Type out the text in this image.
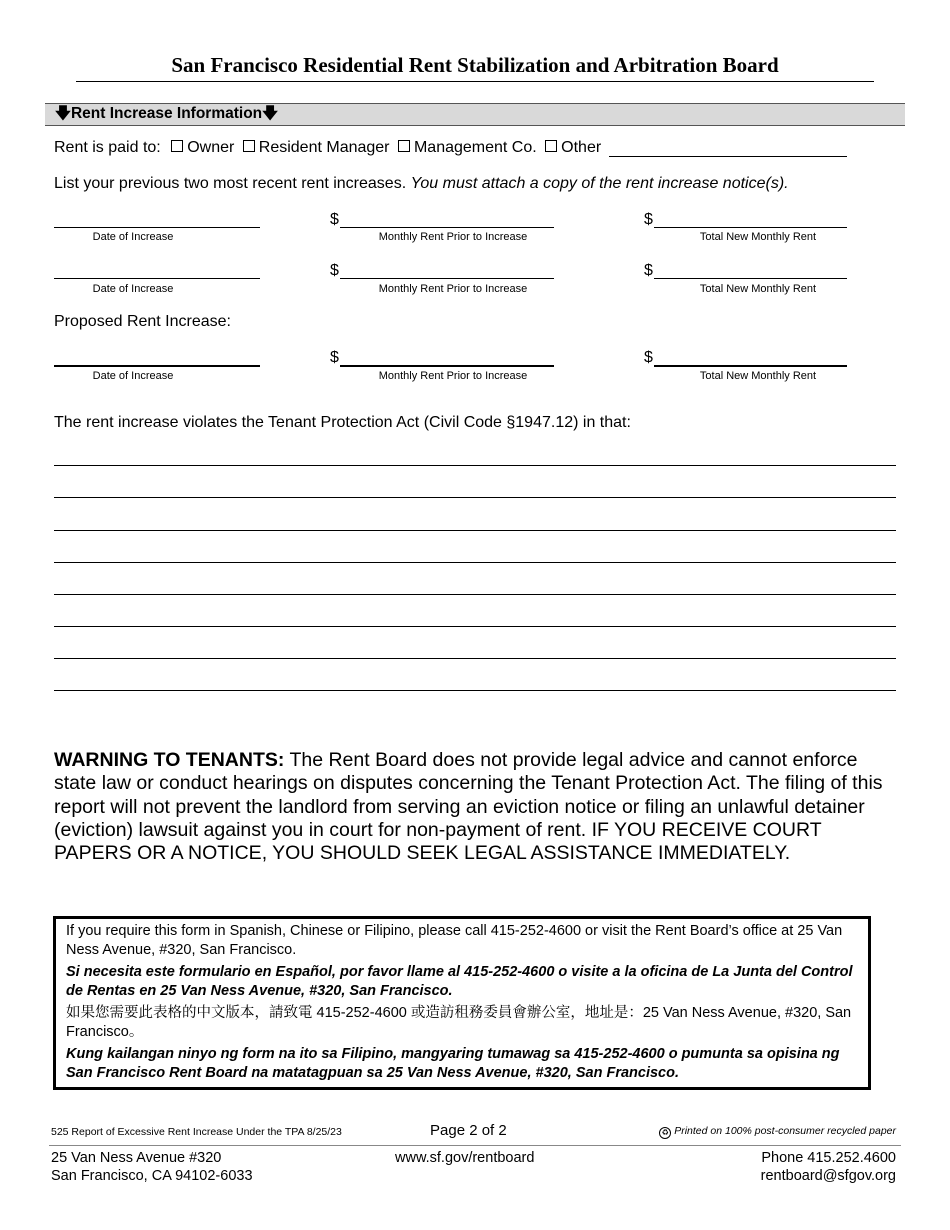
San Francisco Residential Rent Stabilization and Arbitration Board
🡇Rent Increase Information🡇
Rent is paid to: Owner Resident Manager Management Co. Other
List your previous two most recent rent increases. You must attach a copy of the rent increase notice(s).
Date of Increase
$
Monthly Rent Prior to Increase
$
Total New Monthly Rent
Date of Increase
$
Monthly Rent Prior to Increase
$
Total New Monthly Rent
Proposed Rent Increase:
Date of Increase
$
Monthly Rent Prior to Increase
$
Total New Monthly Rent
The rent increase violates the Tenant Protection Act (Civil Code §1947.12) in that:
WARNING TO TENANTS: The Rent Board does not provide legal advice and cannot enforce state law or conduct hearings on disputes concerning the Tenant Protection Act. The filing of this report will not prevent the landlord from serving an eviction notice or filing an unlawful detainer (eviction) lawsuit against you in court for non-payment of rent. IF YOU RECEIVE COURT PAPERS OR A NOTICE, YOU SHOULD SEEK LEGAL ASSISTANCE IMMEDIATELY.

If you require this form in Spanish, Chinese or Filipino, please call 415-252-4600 or visit the Rent Board’s office at 25 Van Ness Avenue, #320, San Francisco.

Si necesita este formulario en Español, por favor llame al 415-252-4600 o visite a la oficina de La Junta del Control de Rentas en 25 Van Ness Avenue, #320, San Francisco.

如果您需要此表格的中文版本，請致電 415-252-4600 或造訪租務委員會辦公室，地址是：25 Van Ness Avenue, #320, San Francisco。

Kung kailangan ninyo ng form na ito sa Filipino, mangyaring tumawag sa 415-252-4600 o pumunta sa opisina ng San Francisco Rent Board na matatagpuan sa 25 Van Ness Avenue, #320, San Francisco.

525 Report of Excessive Rent Increase Under the TPA 8/25/23	Page 2 of 2	♻ Printed on 100% post-consumer recycled paper
25 Van Ness Avenue #320
San Francisco, CA 94102-6033
www.sf.gov/rentboard	Phone 415.252.4600
rentboard@sfgov.org
